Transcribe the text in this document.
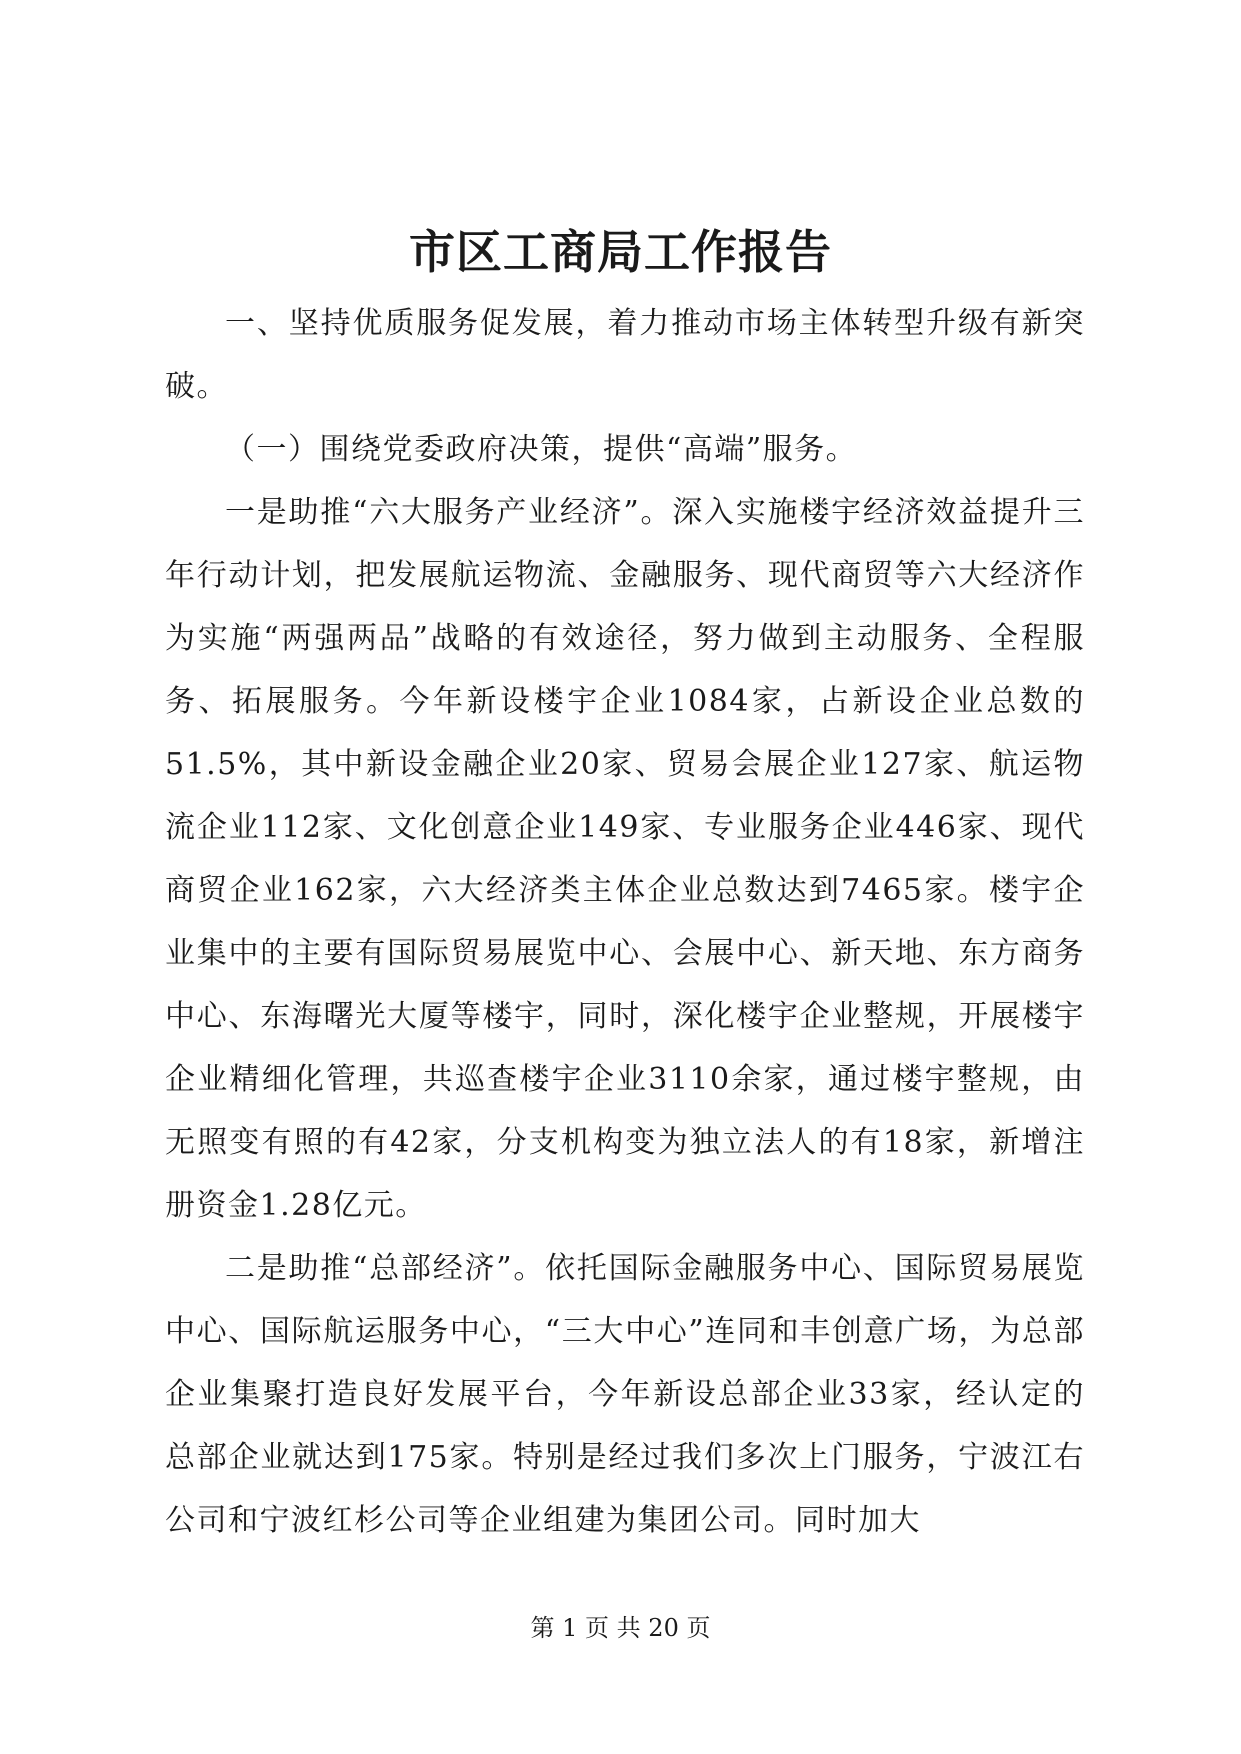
市区工商局工作报告

一、坚持优质服务促发展，着力推动市场主体转型升级有新突破。

（一）围绕党委政府决策，提供“高端”服务。

一是助推“六大服务产业经济”。深入实施楼宇经济效益提升三年行动计划，把发展航运物流、金融服务、现代商贸等六大经济作为实施“两强两品”战略的有效途径，努力做到主动服务、全程服务、拓展服务。今年新设楼宇企业1084家，占新设企业总数的51.5%，其中新设金融企业20家、贸易会展企业127家、航运物流企业112家、文化创意企业149家、专业服务企业446家、现代商贸企业162家，六大经济类主体企业总数达到7465家。楼宇企业集中的主要有国际贸易展览中心、会展中心、新天地、东方商务中心、东海曙光大厦等楼宇，同时，深化楼宇企业整规，开展楼宇企业精细化管理，共巡查楼宇企业3110余家，通过楼宇整规，由无照变有照的有42家，分支机构变为独立法人的有18家，新增注册资金1.28亿元。

二是助推“总部经济”。依托国际金融服务中心、国际贸易展览中心、国际航运服务中心，“三大中心”连同和丰创意广场，为总部企业集聚打造良好发展平台，今年新设总部企业33家，经认定的总部企业就达到175家。特别是经过我们多次上门服务，宁波江右公司和宁波红杉公司等企业组建为集团公司。同时加大

第 1 页 共 20 页
